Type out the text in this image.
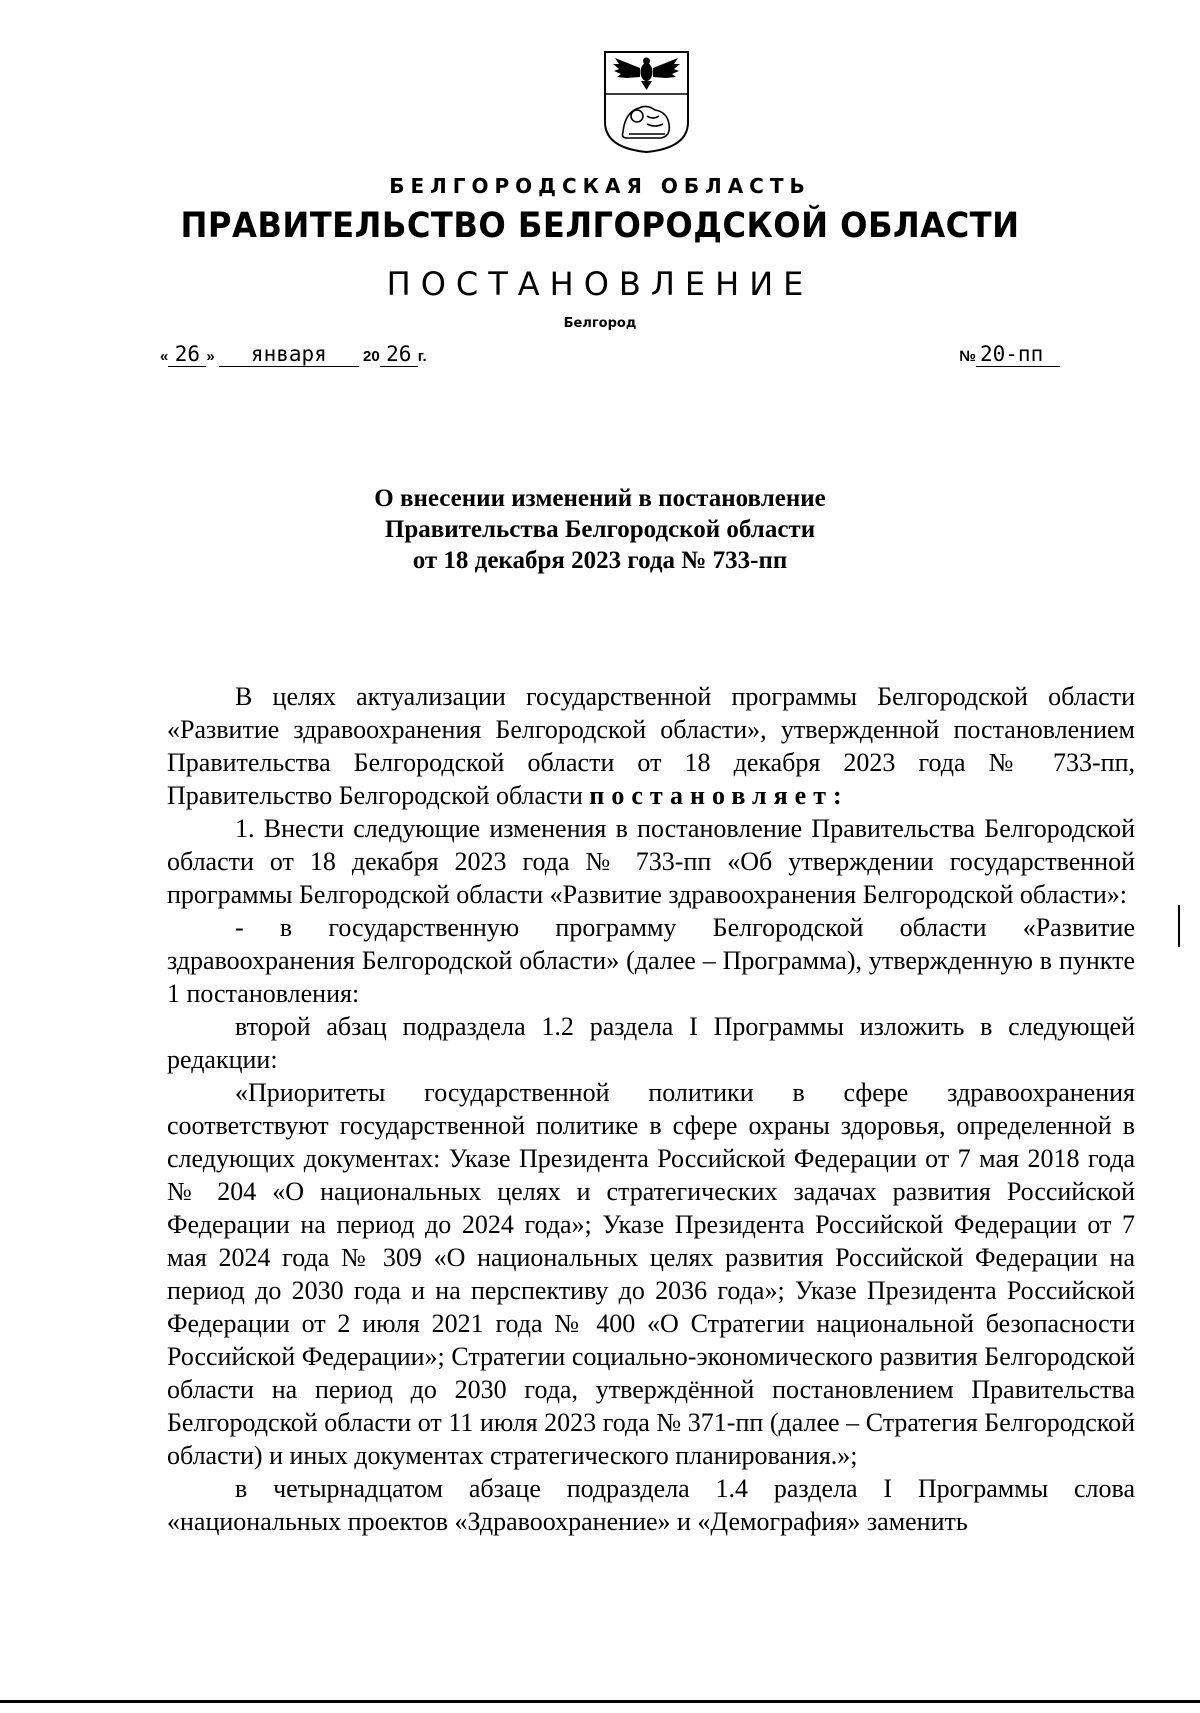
БЕЛГОРОДСКАЯ ОБЛАСТЬ
ПРАВИТЕЛЬСТВО БЕЛГОРОДСКОЙ ОБЛАСТИ
ПОСТАНОВЛЕНИЕ
Белгород
« 26 » января 20 26 г.	№ 20-пп
О внесении изменений в постановление
Правительства Белгородской области
от 18 декабря 2023 года № 733-пп

В целях актуализации государственной программы Белгородской области «Развитие здравоохранения Белгородской области», утвержденной постановлением Правительства Белгородской области от 18 декабря 2023 года № 733-пп, Правительство Белгородской области постановляет:

1. Внести следующие изменения в постановление Правительства Белгородской области от 18 декабря 2023 года № 733-пп «Об утверждении государственной программы Белгородской области «Развитие здравоохранения Белгородской области»:

- в государственную программу Белгородской области «Развитие здравоохранения Белгородской области» (далее – Программа), утвержденную в пункте 1 постановления:

второй абзац подраздела 1.2 раздела I Программы изложить в следующей редакции:

«Приоритеты государственной политики в сфере здравоохранения соответствуют государственной политике в сфере охраны здоровья, определенной в следующих документах: Указе Президента Российской Федерации от 7 мая 2018 года № 204 «О национальных целях и стратегических задачах развития Российской Федерации на период до 2024 года»; Указе Президента Российской Федерации от 7 мая 2024 года № 309 «О национальных целях развития Российской Федерации на период до 2030 года и на перспективу до 2036 года»; Указе Президента Российской Федерации от 2 июля 2021 года № 400 «О Стратегии национальной безопасности Российской Федерации»; Стратегии социально-экономического развития Белгородской области на период до 2030 года, утверждённой постановлением Правительства Белгородской области от 11 июля 2023 года № 371-пп (далее – Стратегия Белгородской области) и иных документах стратегического планирования.»;

в четырнадцатом абзаце подраздела 1.4 раздела I Программы слова «национальных проектов «Здравоохранение» и «Демография» заменить
